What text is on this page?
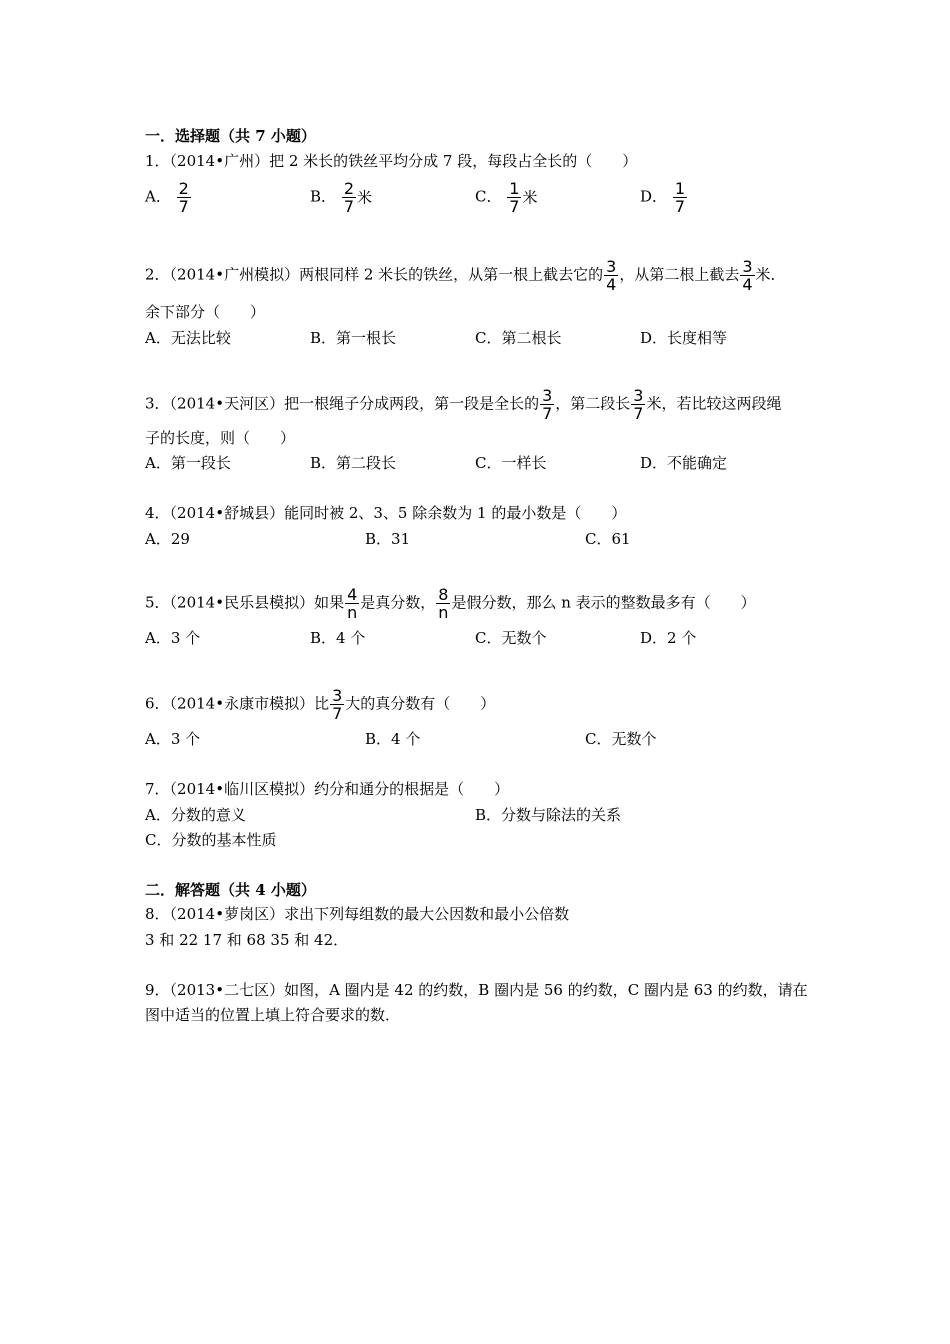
一．选择题（共 7 小题）
1．（2014•广州）把 2 米长的铁丝平均分成 7 段，每段占全长的（　　）
A． $\frac{2}{7}$	B． $\frac{2}{7}$ 米	C． $\frac{1}{7}$ 米	D． $\frac{1}{7}$
2．（2014•广州模拟）两根同样 2 米长的铁丝，从第一根上截去它的 $\frac{3}{4}$ ，从第二根上截去 $\frac{3}{4}$ 米．
余下部分（　　）
A．无法比较	B．第一根长	C．第二根长	D．长度相等
3．（2014•天河区）把一根绳子分成两段，第一段是全长的 $\frac{3}{7}$ ，第二段长 $\frac{3}{7}$ 米，若比较这两段绳
子的长度，则（　　）
A．第一段长	B．第二段长	C．一样长	D．不能确定
4．（2014•舒城县）能同时被 2、3、5 除余数为 1 的最小数是（　　）
A．29	B．31	C．61
5．（2014•民乐县模拟）如果 $\frac{4}{n}$ 是真分数， $\frac{8}{n}$ 是假分数，那么 n 表示的整数最多有（　　）
A．3 个	B．4 个	C．无数个	D．2 个
6．（2014•永康市模拟）比 $\frac{3}{7}$ 大的真分数有（　　）
A．3 个	B．4 个	C．无数个
7．（2014•临川区模拟）约分和通分的根据是（　　）
A．分数的意义	B．分数与除法的关系
C．分数的基本性质
二．解答题（共 4 小题）
8．（2014•萝岗区）求出下列每组数的最大公因数和最小公倍数
3 和 22 17 和 68 35 和 42．
9．（2013•二七区）如图，A 圈内是 42 的约数，B 圈内是 56 的约数，C 圈内是 63 的约数，请在
图中适当的位置上填上符合要求的数．
